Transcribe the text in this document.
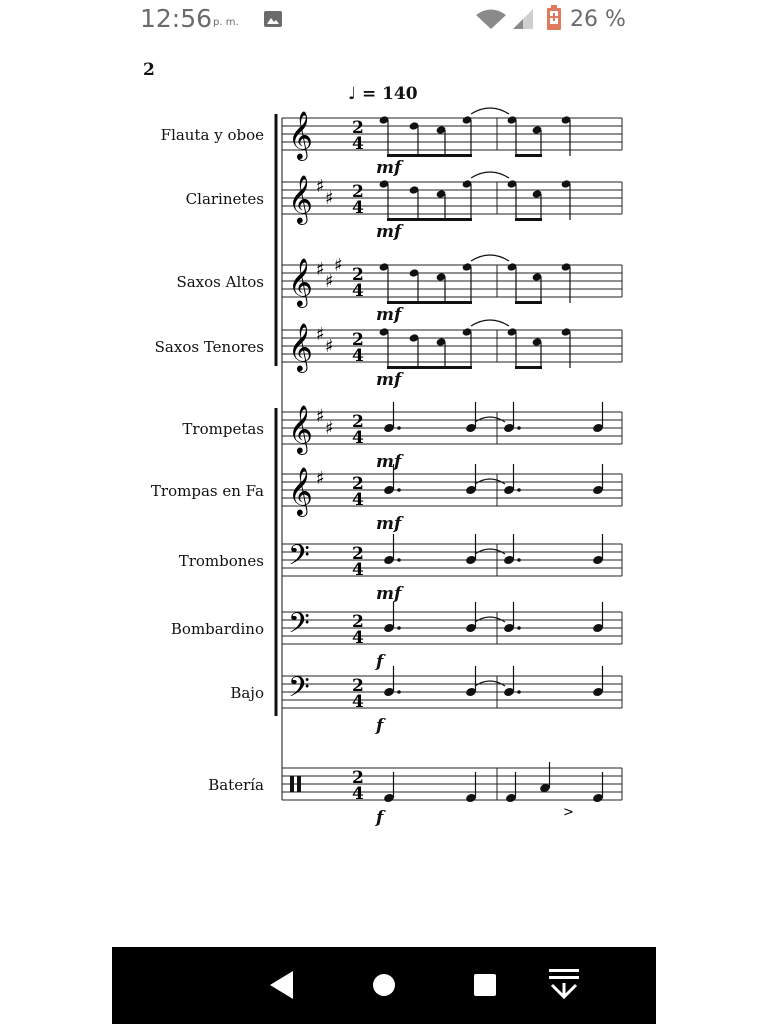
12:56 p. m.	26 %
2
♩ = 140
Flauta y oboe
Clarinetes
Saxos Altos
Saxos Tenores
Trompetas
Trompas en Fa
Trombones
Bombardino
Bajo
Batería
𝄞 2
4
𝄞 ♯
♯ 2
4
𝄞 ♯
♯
♯ 2
4
𝄞 ♯
♯ 2
4
𝄞 ♯
♯ 2
4
𝄞 ♯ 2
4
𝄢 2
4
𝄢 2
4
𝄢 2
4
2
4
>
mf
mf
mf
mf
mf
mf
mf
f
f
f
